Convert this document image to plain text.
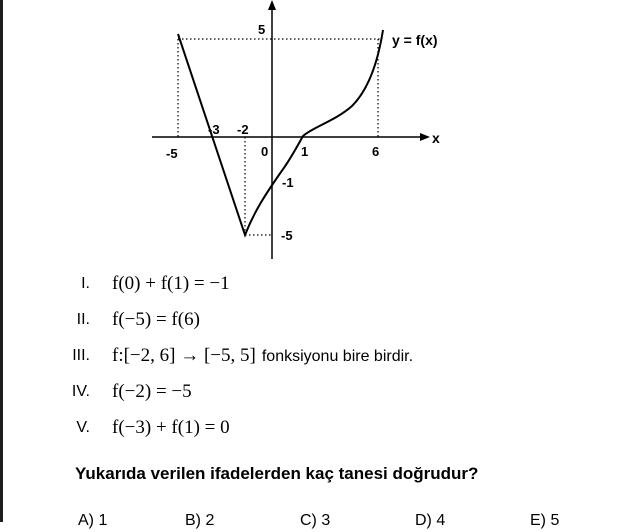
y = f(x)
x
-5
-3 -2
0	1	6
5
-1
-5
I. f(0) + f(1) = −1
II. f(−5) = f(6)
III. f:[−2, 6] → [−5, 5] fonksiyonu bire birdir.
IV. f(−2) = −5
V. f(−3) + f(1) = 0
Yukarıda verilen ifadelerden kaç tanesi doğrudur?
A) 1	B) 2	C) 3	D) 4	E) 5
